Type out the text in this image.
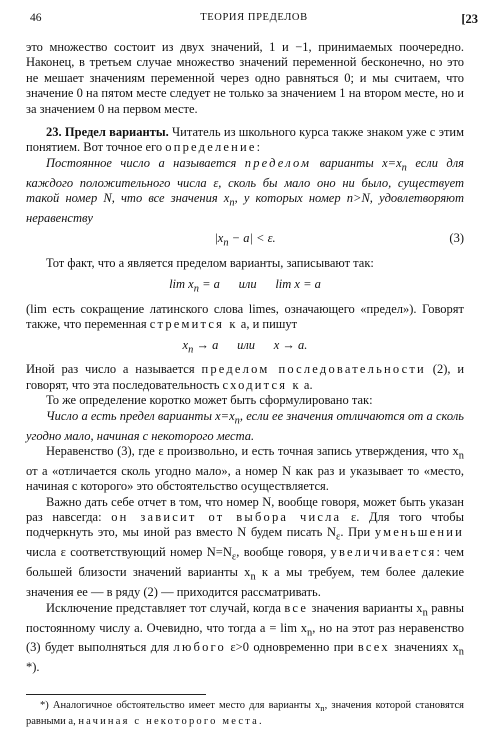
46	ТЕОРИЯ ПРЕДЕЛОВ	[23

это множество состоит из двух значений, 1 и −1, принимаемых поочередно. Наконец, в третьем случае множество значений переменной бесконечно, но это не мешает значениям переменной через одно равняться 0; и мы считаем, что значение 0 на пятом месте следует не только за значением 1 на втором месте, но и за значением 0 на первом месте.

23. Предел варианты. Читатель из школьного курса также знаком уже с этим понятием. Вот точное его определение:

Постоянное число a называется пределом варианты $x=x_n$ если для каждого положительного числа ε, сколь бы мало оно ни было, существует такой номер N, что все значения $x_n$, у которых номер n>N, удовлетворяют неравенству

$|x_n - a| < \varepsilon$.	(3)

Тот факт, что a является пределом варианты, записывают так:

$\lim x_n = a$      или      lim x = a

(lim есть сокращение латинского слова limes, означающего «предел»). Говорят также, что переменная стремится к a, и пишут

$x_n \to a$      или      x → a.

Иной раз число a называется пределом последовательности (2), и говорят, что эта последовательность сходится к a.

То же определение коротко может быть сформулировано так:

Число a есть предел варианты $x=x_n$, если ее значения отличаются от a сколь угодно мало, начиная с некоторого места.

Неравенство (3), где ε произвольно, и есть точная запись утверждения, что $x_n$ от a «отличается сколь угодно мало», а номер N как раз и указывает то «место, начиная с которого» это обстоятельство осуществляется.

Важно дать себе отчет в том, что номер N, вообще говоря, может быть указан раз навсегда: он зависит от выбора числа ε. Для того чтобы подчеркнуть это, мы иной раз вместо N будем писать $N_\varepsilon$. При уменьшении числа ε соответствующий номер $N=N_\varepsilon$, вообще говоря, увеличивается: чем большей близости значений варианты $x_n$ к a мы требуем, тем более далекие значения ее — в ряду (2) — приходится рассматривать.

Исключение представляет тот случай, когда все значения варианты $x_n$ равны постоянному числу a. Очевидно, что тогда $a = \lim x_n$, но на этот раз неравенство (3) будет выполняться для любого ε>0 одновременно при всех значениях $x_n$ *).

*) Аналогичное обстоятельство имеет место для варианты $x_n$, значения которой становятся равными a, начиная с некоторого места.
